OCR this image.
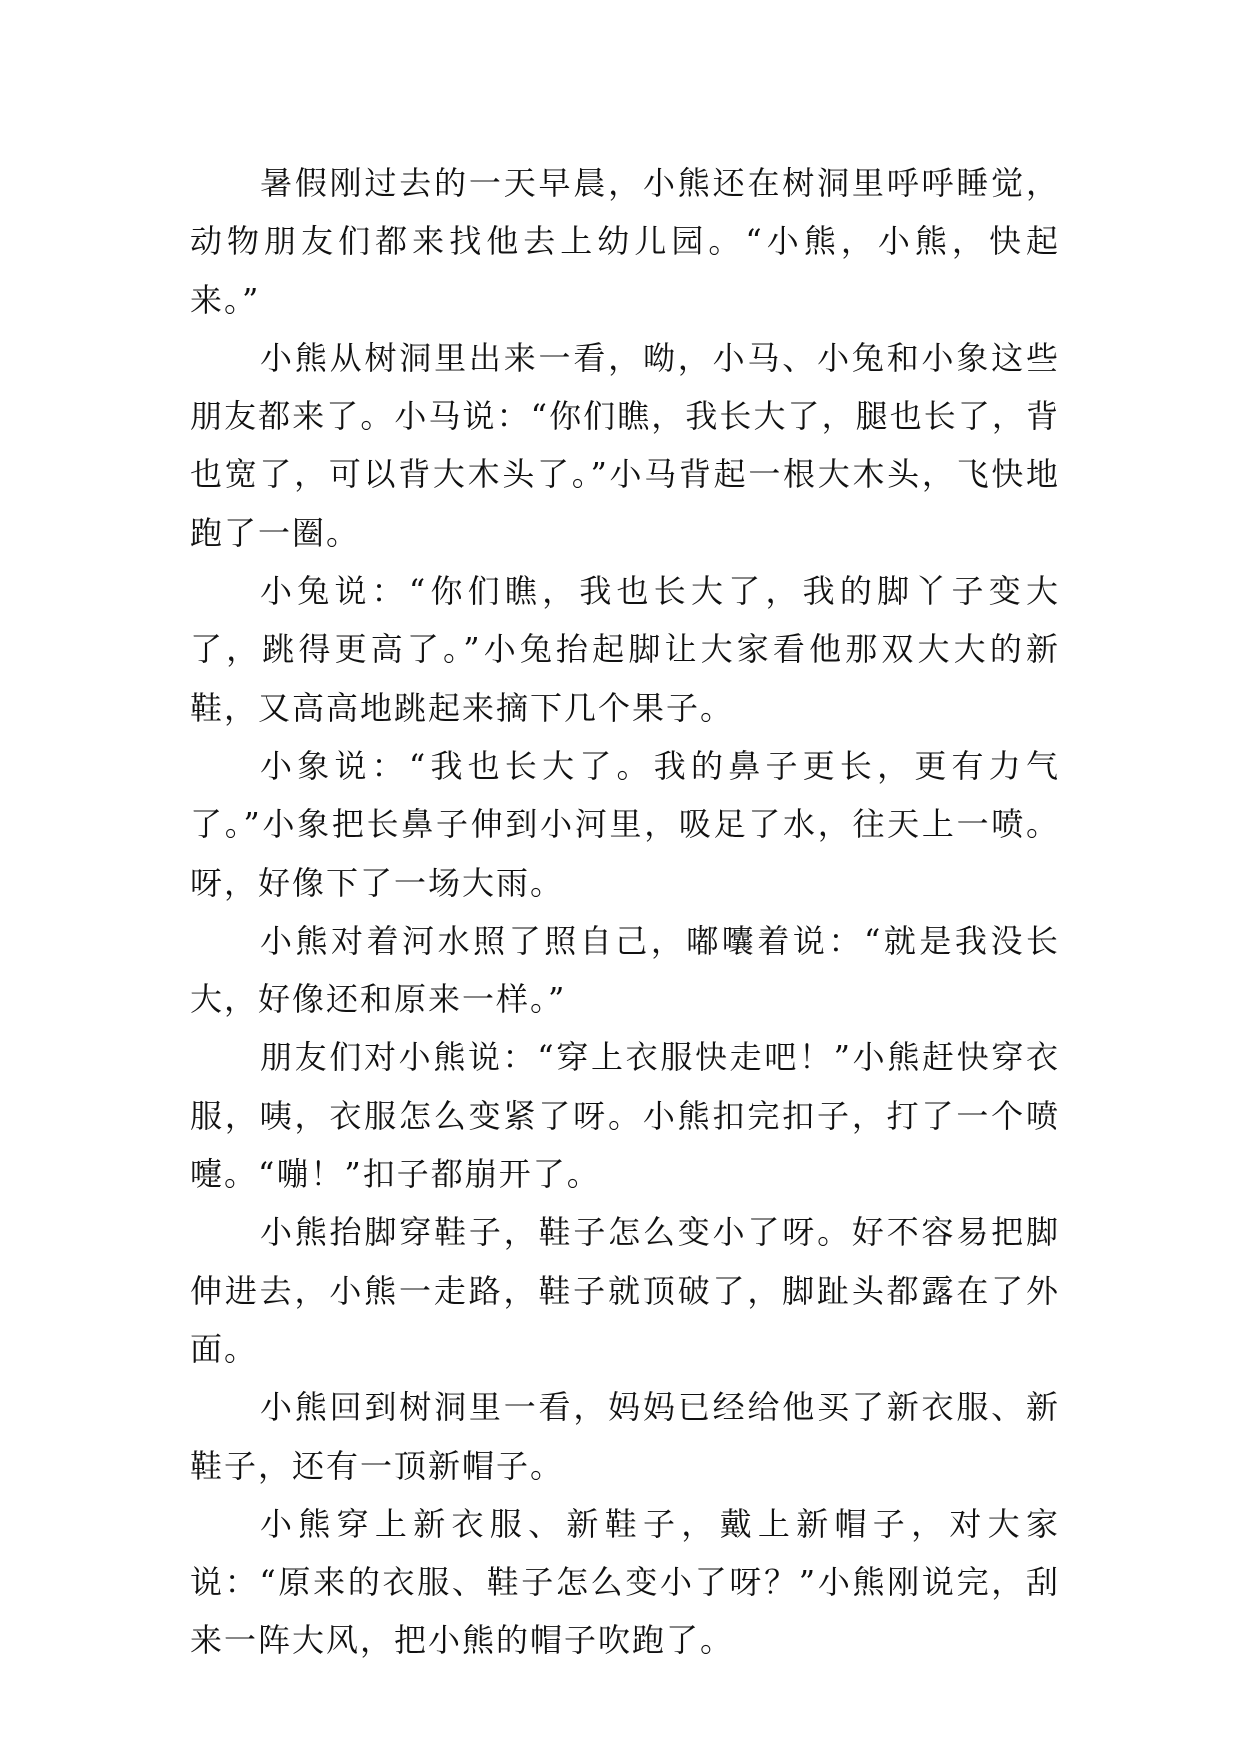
暑假刚过去的一天早晨，小熊还在树洞里呼呼睡觉，动物朋友们都来找他去上幼儿园。“小熊，小熊，快起来。”

小熊从树洞里出来一看，呦，小马、小兔和小象这些朋友都来了。小马说：“你们瞧，我长大了，腿也长了，背也宽了，可以背大木头了。”小马背起一根大木头，飞快地跑了一圈。

小兔说：“你们瞧，我也长大了，我的脚丫子变大了，跳得更高了。”小兔抬起脚让大家看他那双大大的新鞋，又高高地跳起来摘下几个果子。

小象说：“我也长大了。我的鼻子更长，更有力气了。”小象把长鼻子伸到小河里，吸足了水，往天上一喷。呀，好像下了一场大雨。

小熊对着河水照了照自己，嘟囔着说：“就是我没长大，好像还和原来一样。”

朋友们对小熊说：“穿上衣服快走吧！”小熊赶快穿衣服，咦，衣服怎么变紧了呀。小熊扣完扣子，打了一个喷嚏。“嘣！”扣子都崩开了。

小熊抬脚穿鞋子，鞋子怎么变小了呀。好不容易把脚伸进去，小熊一走路，鞋子就顶破了，脚趾头都露在了外面。

小熊回到树洞里一看，妈妈已经给他买了新衣服、新鞋子，还有一顶新帽子。

小熊穿上新衣服、新鞋子，戴上新帽子，对大家说：“原来的衣服、鞋子怎么变小了呀？”小熊刚说完，刮来一阵大风，把小熊的帽子吹跑了。
